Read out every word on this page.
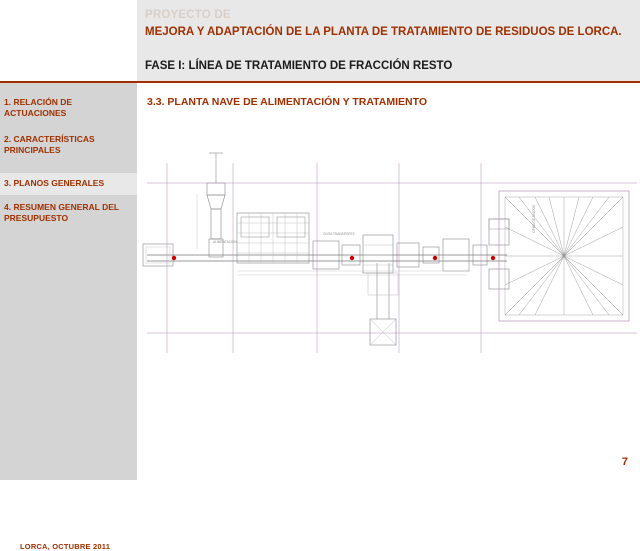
PROYECTO DE
MEJORA Y ADAPTACIÓN DE LA PLANTA DE TRATAMIENTO DE RESIDUOS DE LORCA.
FASE I: LÍNEA DE TRATAMIENTO DE FRACCIÓN RESTO
1. RELACIÓN DE ACTUACIONES
2. CARACTERÍSTICAS PRINCIPALES
3. PLANOS GENERALES
4. RESUMEN GENERAL DEL PRESUPUESTO
LORCA, OCTUBRE 2011
3.3. PLANTA NAVE DE ALIMENTACIÓN Y TRATAMIENTO
ALIMENTACIÓN
CINTA TRANSPORTE
CRIBA DE DISCOS
7
